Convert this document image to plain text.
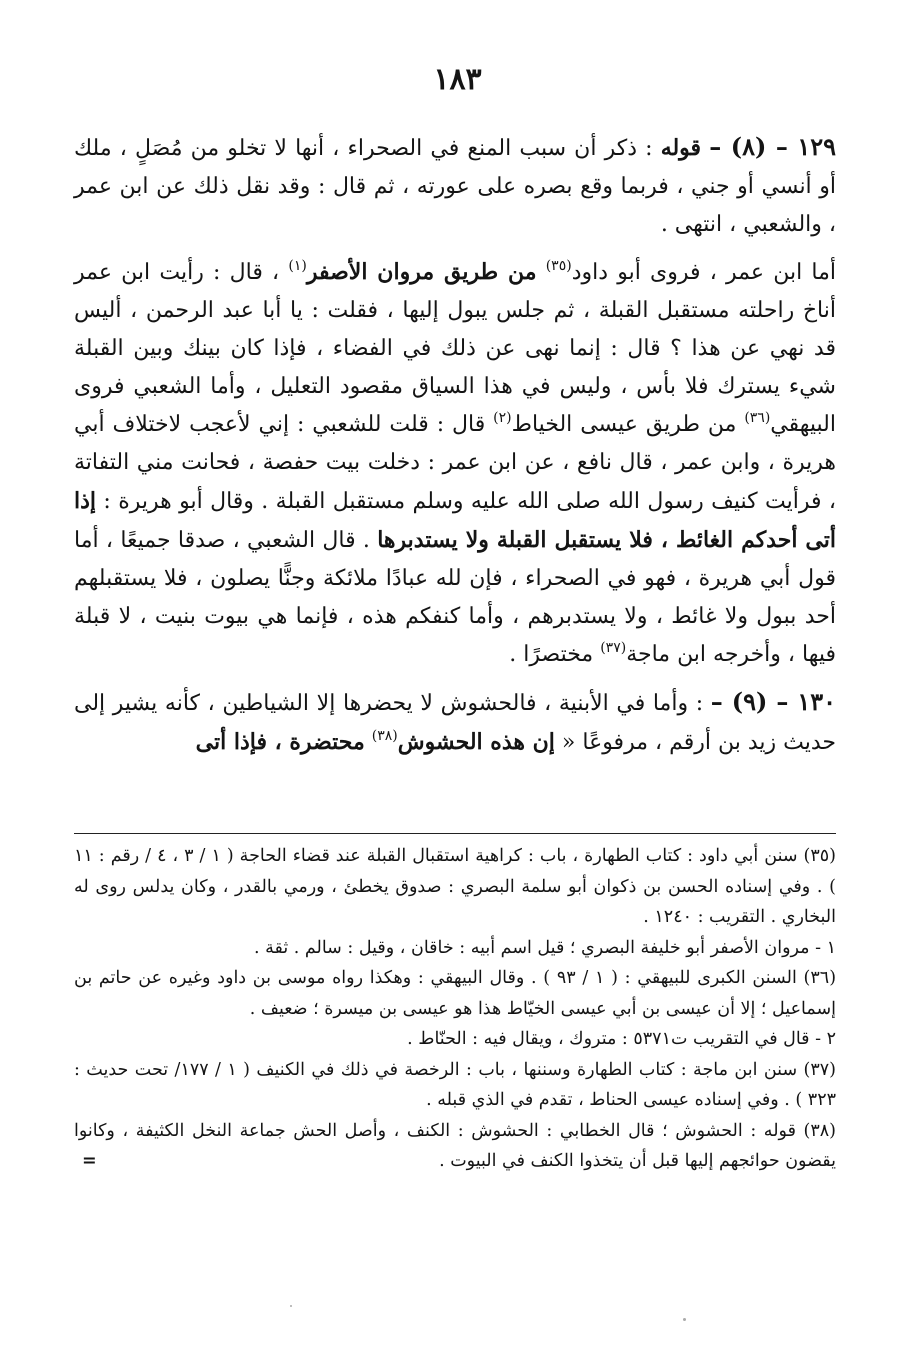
١٨٣

١٢٩ – (٨) – قوله : ذكر أن سبب المنع في الصحراء ، أنها لا تخلو من مُصَلٍ ، ملك أو أنسي أو جني ، فربما وقع بصره على عورته ، ثم قال : وقد نقل ذلك عن ابن عمر ، والشعبي ، انتهى .

أما ابن عمر ، فروى أبو داود$^{(٣٥)}$ من طريق مروان الأصفر$^{(١)}$ ، قال : رأيت ابن عمر أناخ راحلته مستقبل القبلة ، ثم جلس يبول إليها ، فقلت : يا أبا عبد الرحمن ، أليس قد نهي عن هذا ؟ قال : إنما نهى عن ذلك في الفضاء ، فإذا كان بينك وبين القبلة شيء يسترك فلا بأس ، وليس في هذا السياق مقصود التعليل ، وأما الشعبي فروى البيهقي$^{(٣٦)}$ من طريق عيسى الخياط$^{(٢)}$ قال : قلت للشعبي : إني لأعجب لاختلاف أبي هريرة ، وابن عمر ، قال نافع ، عن ابن عمر : دخلت بيت حفصة ، فحانت مني التفاتة ، فرأيت كنيف رسول الله صلى الله عليه وسلم مستقبل القبلة . وقال أبو هريرة : إذا أتى أحدكم الغائط ، فلا يستقبل القبلة ولا يستدبرها . قال الشعبي ، صدقا جميعًا ، أما قول أبي هريرة ، فهو في الصحراء ، فإن لله عبادًا ملائكة وجنًّا يصلون ، فلا يستقبلهم أحد ببول ولا غائط ، ولا يستدبرهم ، وأما كنفكم هذه ، فإنما هي بيوت بنيت ، لا قبلة فيها ، وأخرجه ابن ماجة$^{(٣٧)}$ مختصرًا .

١٣٠ – (٩) – : وأما في الأبنية ، فالحشوش لا يحضرها إلا الشياطين ، كأنه يشير إلى حديث زيد بن أرقم ، مرفوعًا « إن هذه الحشوش$^{(٣٨)}$ محتضرة ، فإذا أتى

(٣٥) سنن أبي داود : كتاب الطهارة ، باب : كراهية استقبال القبلة عند قضاء الحاجة ( ١ / ٣ ، ٤ / رقم : ١١ ) . وفي إسناده الحسن بن ذكوان أبو سلمة البصري : صدوق يخطئ ، ورمي بالقدر ، وكان يدلس روى له البخاري . التقريب : ١٢٤٠ .

١ - مروان الأصفر أبو خليفة البصري ؛ قيل اسم أبيه : خاقان ، وقيل : سالم . ثقة .

(٣٦) السنن الكبرى للبيهقي : ( ١ / ٩٣ ) . وقال البيهقي : وهكذا رواه موسى بن داود وغيره عن حاتم بن إسماعيل ؛ إلا أن عيسى بن أبي عيسى الخيّاط هذا هو عيسى بن ميسرة ؛ ضعيف .

٢ - قال في التقريب ت٥٣٧١ : متروك ، ويقال فيه : الحنّاط .

(٣٧) سنن ابن ماجة : كتاب الطهارة وسننها ، باب : الرخصة في ذلك في الكنيف ( ١ / ١٧٧/ تحت حديث : ٣٢٣ ) . وفي إسناده عيسى الحناط ، تقدم في الذي قبله .

(٣٨) قوله : الحشوش ؛ قال الخطابي : الحشوش : الكنف ، وأصل الحش جماعة النخل الكثيفة ، وكانوا يقضون حوائجهم إليها قبل أن يتخذوا الكنف في البيوت .
=
